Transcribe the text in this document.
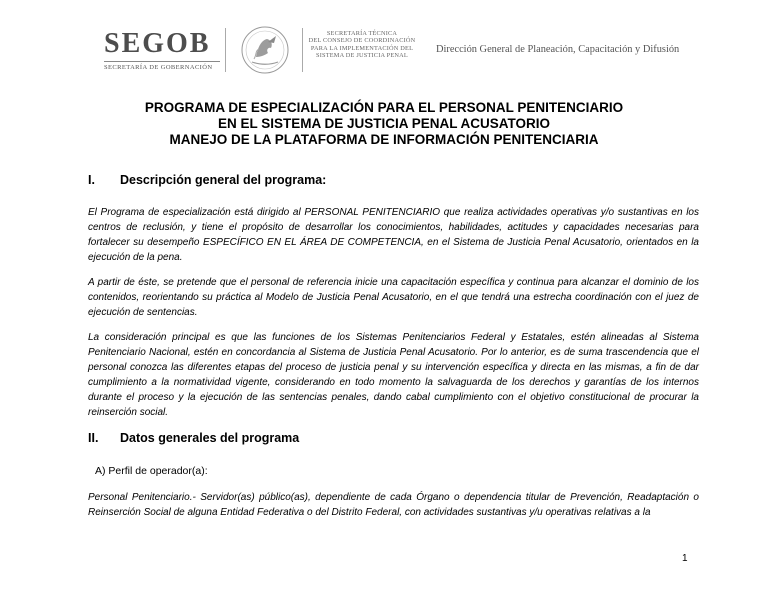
SEGOB
SECRETARÍA DE GOBERNACIÓN
SECRETARÍA TÉCNICA
DEL CONSEJO DE COORDINACIÓN
PARA LA IMPLEMENTACIÓN DEL
SISTEMA DE JUSTICIA PENAL
Dirección General de Planeación, Capacitación y Difusión
PROGRAMA DE ESPECIALIZACIÓN PARA EL PERSONAL PENITENCIARIO
EN EL SISTEMA DE JUSTICIA PENAL ACUSATORIO
MANEJO DE LA PLATAFORMA DE INFORMACIÓN PENITENCIARIA
I. Descripción general del programa:
El Programa de especialización está dirigido al PERSONAL PENITENCIARIO que realiza actividades operativas y/o sustantivas en los centros de reclusión, y tiene el propósito de desarrollar los conocimientos, habilidades, actitudes y capacidades necesarias para fortalecer su desempeño ESPECÍFICO EN EL ÁREA DE COMPETENCIA, en el Sistema de Justicia Penal Acusatorio, orientados en la ejecución de la pena.
A partir de éste, se pretende que el personal de referencia inicie una capacitación específica y continua para alcanzar el dominio de los contenidos, reorientando su práctica al Modelo de Justicia Penal Acusatorio, en el que tendrá una estrecha coordinación con el juez de ejecución de sentencias.
La consideración principal es que las funciones de los Sistemas Penitenciarios Federal y Estatales, estén alineadas al Sistema Penitenciario Nacional, estén en concordancia al Sistema de Justicia Penal Acusatorio. Por lo anterior, es de suma trascendencia que el personal conozca las diferentes etapas del proceso de justicia penal y su intervención específica y directa en las mismas, a fin de dar cumplimiento a la normatividad vigente, considerando en todo momento la salvaguarda de los derechos y garantías de los internos durante el proceso y la ejecución de las sentencias penales, dando cabal cumplimiento con el objetivo constitucional de procurar la reinserción social.
II. Datos generales del programa
A) Perfil de operador(a):
Personal Penitenciario.- Servidor(as) público(as), dependiente de cada Órgano o dependencia titular de Prevención, Readaptación o Reinserción Social de alguna Entidad Federativa o del Distrito Federal, con actividades sustantivas y/u operativas relativas a la
1
